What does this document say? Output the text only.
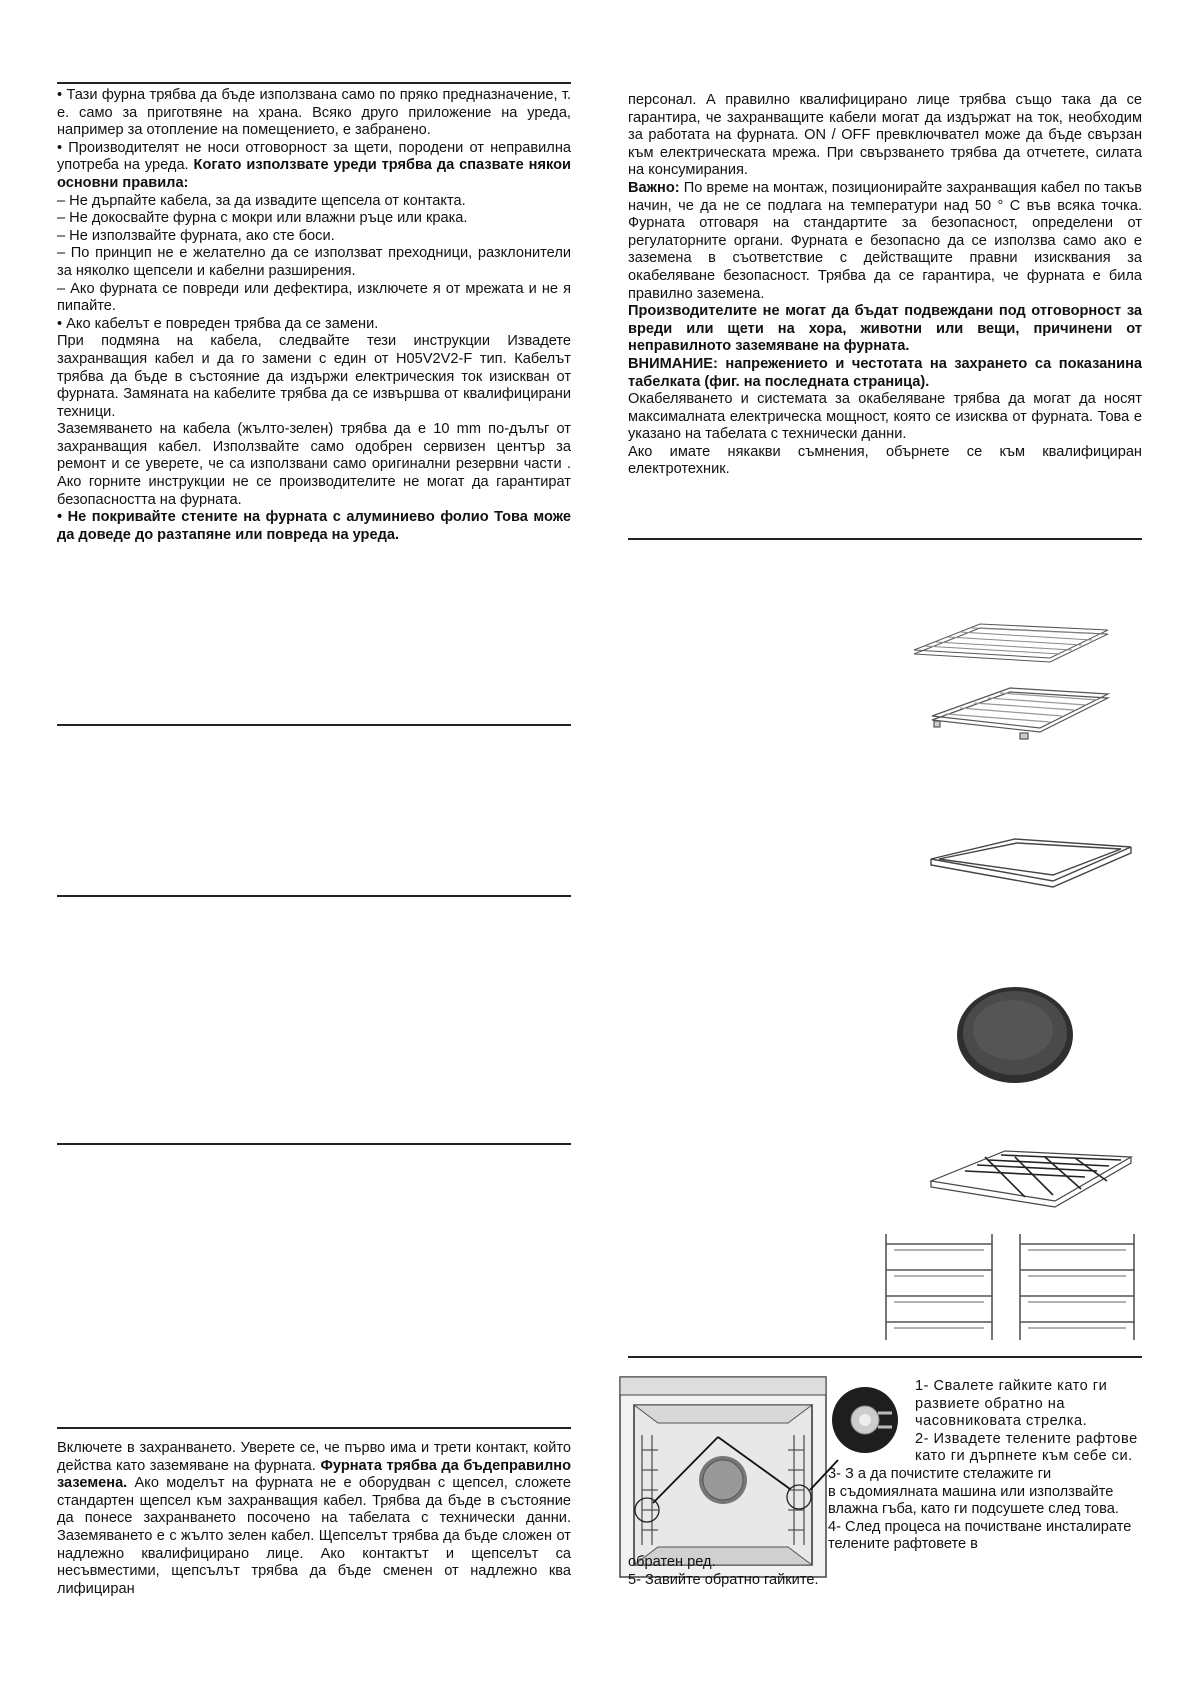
• Тази фурна трябва да бъде използвана само по пряко предназначение, т. е. само за приготвяне на храна. Всяко друго приложение на уреда, например за отопление на помещението, е забранено.

• Производителят не носи отговорност за щети, породени от неправилна употреба на уреда. Когато използвате уреди трябва да спазвате някои основни правила:

– Не дърпайте кабела, за да извадите щепсела от контакта.

– Не докосвайте фурна с мокри или влажни ръце или крака.

– Не използвайте фурната, ако сте боси.

– По принцип не е желателно да се използват преходници, разклонители за няколко щепсели и кабелни разширения.

– Ако фурната се повреди или дефектира, изключете я от мрежата и не я пипайте.

• Ако кабелът е повреден трябва да се замени.

При подмяна на кабела, следвайте тези инструкции Извадете захранващия кабел и да го замени с един от H05V2V2-F тип. Кабелът трябва да бъде в състояние да издържи електрическия ток изискван от фурната. Замяната на кабелите трябва да се извършва от квалифицирани техници.

Заземяването на кабела (жълто-зелен) трябва да е 10 mm по-дълъг от захранващия кабел. Използвайте само одобрен сервизен център за ремонт и се уверете, че са използвани само оригинални резервни части . Ако горните инструкции не се производителите не могат да гарантират безопасността на фурната.

• Не покривайте стените на фурната с алуминиево фолио Това може да доведе до разтапяне или повреда на уреда.

Включете в захранването. Уверете се, че първо има и трети контакт, който действа като заземяване на фурната. Фурната трябва да бъдеправилно заземена. Ако моделът на фурната не е оборудван с щепсел, сложете стандартен щепсел към захранващия кабел. Трябва да бъде в състояние да понесе захранването посочено на табелата с технически данни. Заземяването е с жълто зелен кабел. Щепселът трябва да бъде сложен от надлежно квалифицирано лице. Ако контактът и щепселът са несъвместими, щепсълът трябва да бъде сменен от надлежно ква лифициран

персонал. А правилно квалифицирано лице трябва също така да се гарантира, че захранващите кабели могат да издържат на ток, необходим за работата на фурната. ON / OFF превключвател може да бъде свързан към електрическата мрежа. При свързването трябва да отчетете, силата на консумирания.

Важно: По време на монтаж, позиционирайте захранващия кабел по такъв начин, че да не се подлага на температури над 50 ° С във всяка точка. Фурната отговаря на стандартите за безопасност, определени от регулаторните органи. Фурната е безопасно да се използва само ако е заземена в съответствие с действащите правни изисквания за окабеляване безопасност. Трябва да се гарантира, че фурната е била правилно заземена.

Производителите не могат да бъдат подвеждани под отговорност за вреди или щети на хора, животни или вещи, причинени от неправилното заземяване на фурната.

ВНИМАНИЕ: напрежението и честотата на захрането са показанина табелката (фиг. на последната страница).

Окабеляването и системата за окабеляване трябва да могат да носят максималната електрическа мощност, която се изисква от фурната. Това е указано на табелата с технически данни.

Ако имате някакви съмнения, обърнете се към квалифициран електротехник.

1- Свалете гайките като ги развиете обратно на часовниковата стрелка.

2- Извадете телените рафтове като ги дърпнете към себе си.

3- З а да почистите стелажите ги

в съдомиялната машина или използвайте влажна гъба, като ги подсушете след това.

4- След процеса на почистване инсталирате телените рафтовете в

обратен ред.

5- Завийте обратно гайките.
